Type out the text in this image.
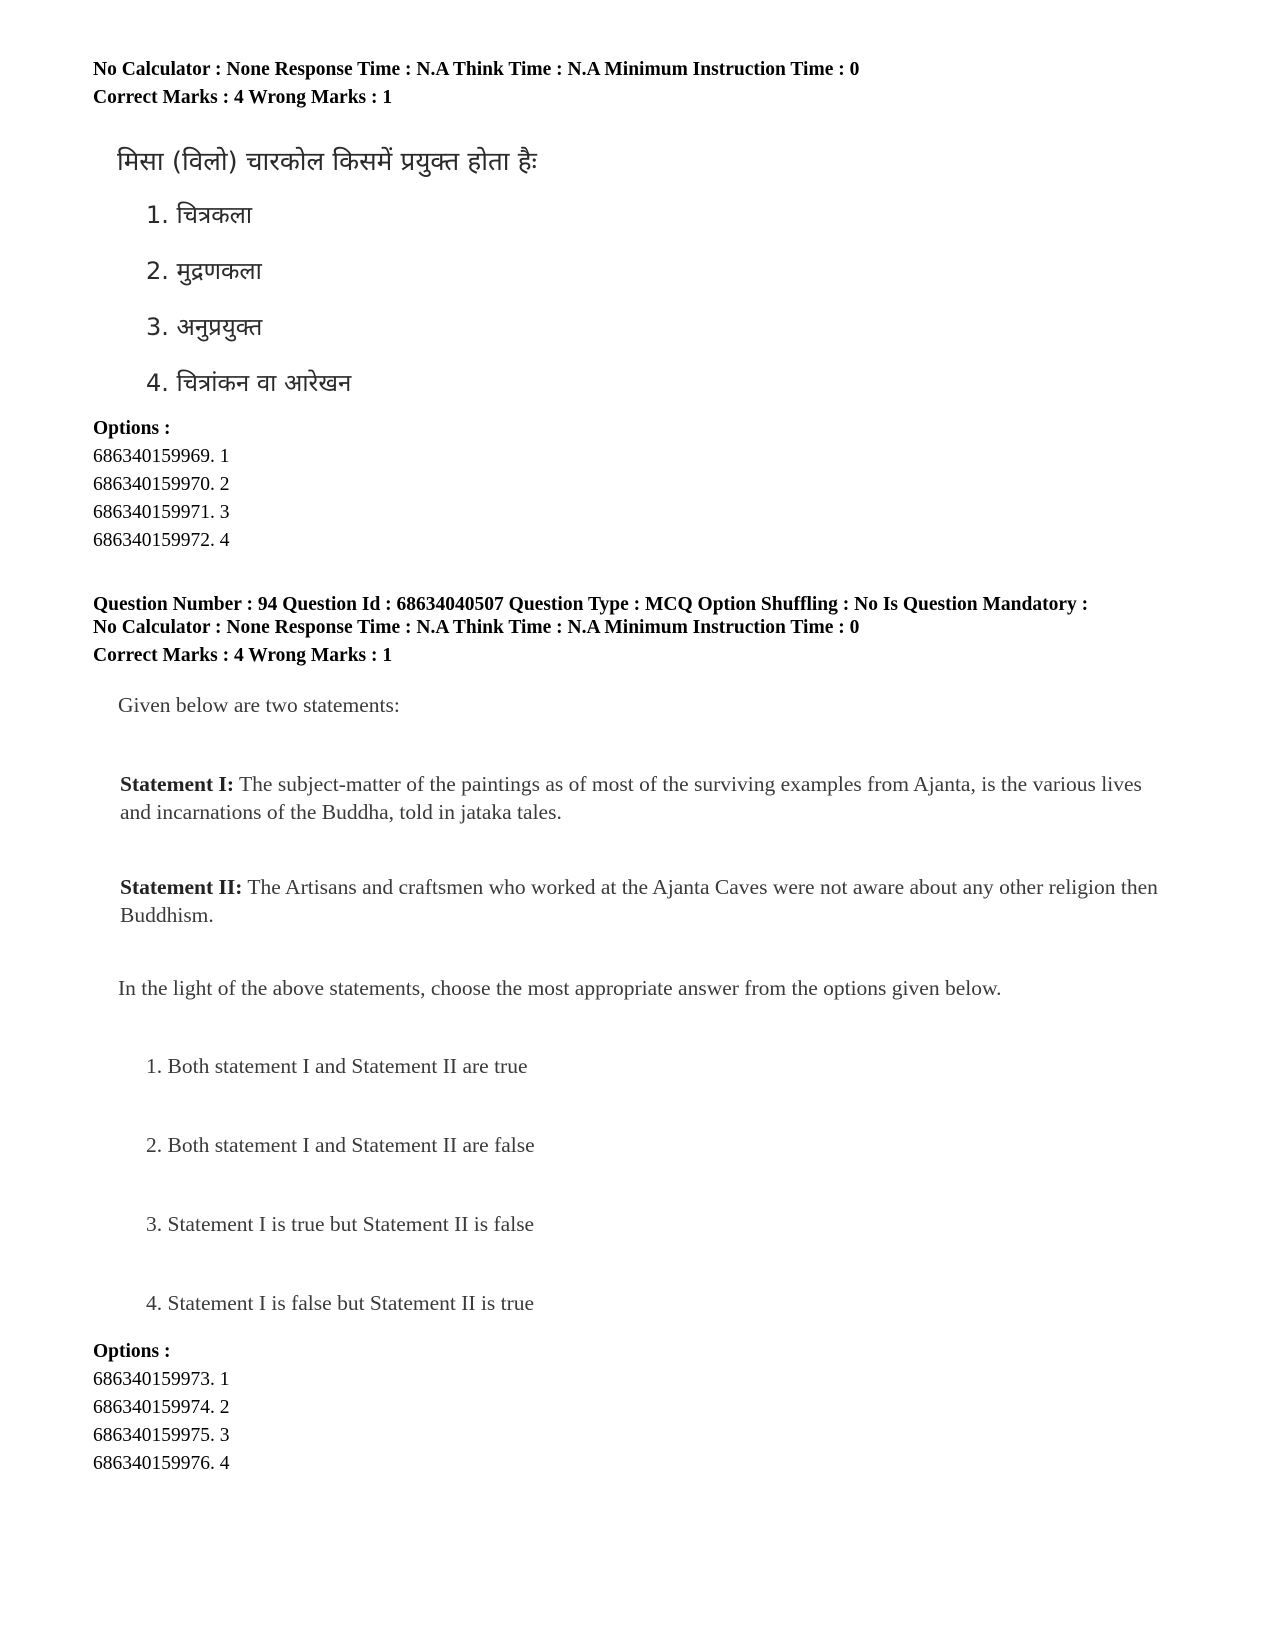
No Calculator : None Response Time : N.A Think Time : N.A Minimum Instruction Time : 0
Correct Marks : 4 Wrong Marks : 1
मिसा (विलो) चारकोल किसमें प्रयुक्त होता हैः
1. चित्रकला
2. मुद्रणकला
3. अनुप्रयुक्त
4. चित्रांकन वा आरेखन
Options :
686340159969. 1
686340159970. 2
686340159971. 3
686340159972. 4
Question Number : 94 Question Id : 68634040507 Question Type : MCQ Option Shuffling : No Is Question Mandatory :
No Calculator : None Response Time : N.A Think Time : N.A Minimum Instruction Time : 0
Correct Marks : 4 Wrong Marks : 1
Given below are two statements:
Statement I: The subject-matter of the paintings as of most of the surviving examples from Ajanta, is the various lives and incarnations of the Buddha, told in jataka tales.
Statement II: The Artisans and craftsmen who worked at the Ajanta Caves were not aware about any other religion then Buddhism.
In the light of the above statements, choose the most appropriate answer from the options given below.
1. Both statement I and Statement II are true
2. Both statement I and Statement II are false
3. Statement I is true but Statement II is false
4. Statement I is false but Statement II is true
Options :
686340159973. 1
686340159974. 2
686340159975. 3
686340159976. 4
